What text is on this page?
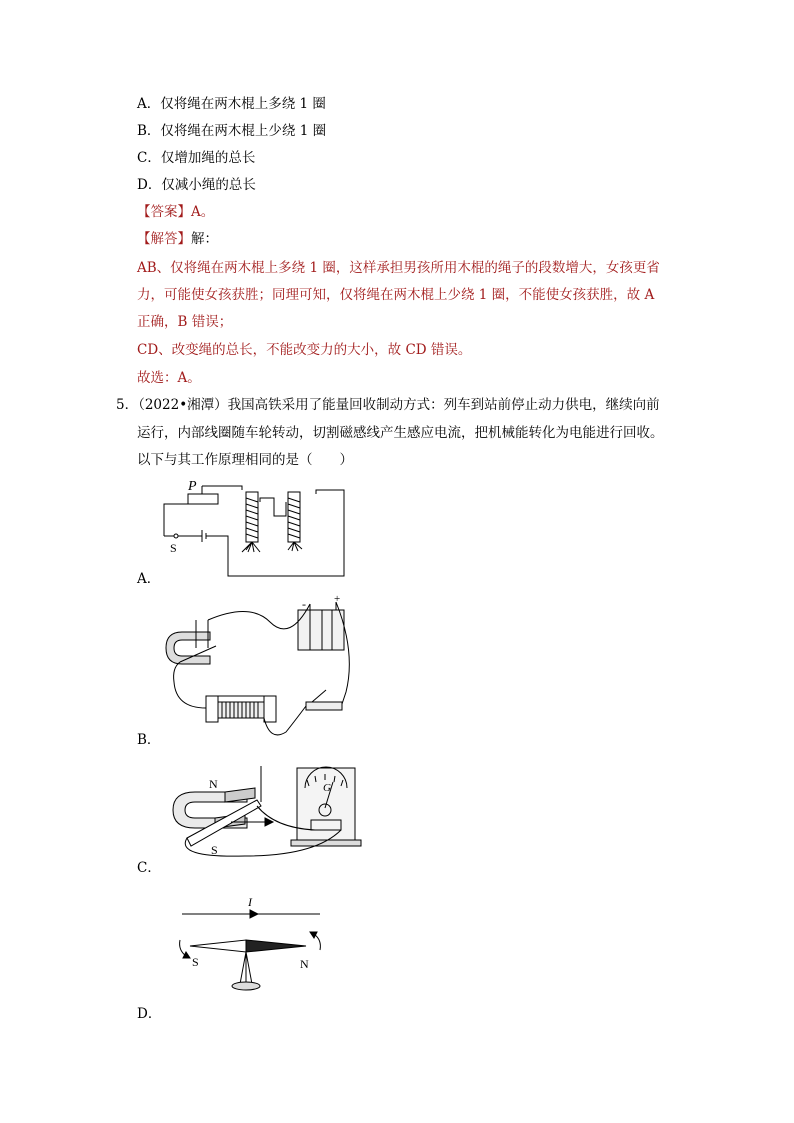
A．仅将绳在两木棍上多绕 1 圈
B．仅将绳在两木棍上少绕 1 圈
C．仅增加绳的总长
D．仅减小绳的总长
【答案】A。
【解答】解：
AB、仅将绳在两木棍上多绕 1 圈，这样承担男孩所用木棍的绳子的段数增大，女孩更省
力，可能使女孩获胜；同理可知，仅将绳在两木棍上少绕 1 圈，不能使女孩获胜，故 A
正确，B 错误；
CD、改变绳的总长，不能改变力的大小，故 CD 错误。
故选：A。
5．（2022•湘潭）我国高铁采用了能量回收制动方式：列车到站前停止动力供电，继续向前
运行，内部线圈随车轮转动，切割磁感线产生感应电流，把机械能转化为电能进行回收。
以下与其工作原理相同的是（　　）
P
S
A．
-	+
B．
N
S
G
C．
I
S	N
D．
